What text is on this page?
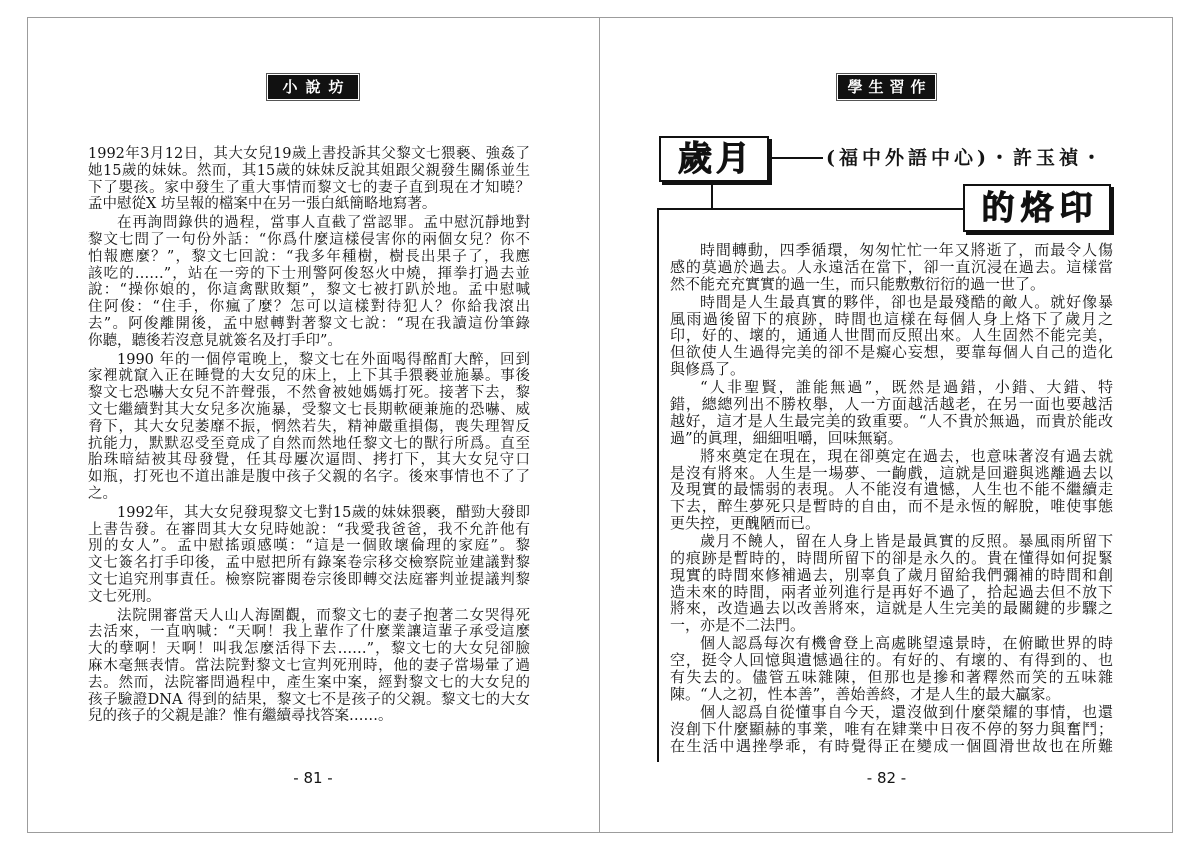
小說坊
1992年3月12日，其大女兒19歲上書投訴其父黎文七猥褻、強姦了
她15歲的妹妹。然而，其15歲的妹妹反說其姐跟父親發生關係並生
下了嬰孩。家中發生了重大事情而黎文七的妻子直到現在才知曉？
孟中慰從X 坊呈報的檔案中在另一張白紙簡略地寫著。
在再詢問錄供的過程，當事人直截了當認罪。孟中慰沉靜地對
黎文七問了一句份外話：“你爲什麼這樣侵害你的兩個女兒？你不
怕報應麼？”，黎文七回說：“我多年種樹，樹長出果子了，我應
該吃的……”，站在一旁的下士刑警阿俊怒火中燒，揮拳打過去並
說：“操你娘的，你這禽獸敗類”，黎文七被打趴於地。孟中慰喊
住阿俊：“住手，你瘋了麼？怎可以這樣對待犯人？你給我滾出
去”。阿俊離開後，孟中慰轉對著黎文七說：“現在我讀這份筆錄
你聽，聽後若沒意見就簽名及打手印”。
1990 年的一個停電晚上，黎文七在外面喝得酩酊大醉，回到
家裡就竄入正在睡覺的大女兒的床上，上下其手猥褻並施暴。事後
黎文七恐嚇大女兒不許聲張，不然會被她媽媽打死。接著下去，黎
文七繼續對其大女兒多次施暴，受黎文七長期軟硬兼施的恐嚇、威
脅下，其大女兒萎靡不振，惘然若失，精神嚴重損傷，喪失理智反
抗能力，默默忍受至竟成了自然而然地任黎文七的獸行所爲。直至
胎珠暗結被其母發覺，任其母屢次逼問、拷打下，其大女兒守口
如瓶，打死也不道出誰是腹中孩子父親的名字。後來事情也不了了
之。
1992年，其大女兒發現黎文七對15歲的妹妹猥褻，醋勁大發即
上書告發。在審問其大女兒時她說：“我愛我爸爸，我不允許他有
別的女人”。孟中慰搖頭感嘆：“這是一個敗壞倫理的家庭”。黎
文七簽名打手印後，孟中慰把所有錄案卷宗移交檢察院並建議對黎
文七追究刑事責任。檢察院審閱卷宗後即轉交法庭審判並提議判黎
文七死刑。
法院開審當天人山人海圍觀，而黎文七的妻子抱著二女哭得死
去活來，一直吶喊：“天啊！我上輩作了什麼業讓這輩子承受這麼
大的孽啊！天啊！叫我怎麼活得下去……”，黎文七的大女兒卻臉
麻木毫無表情。當法院對黎文七宣判死刑時，他的妻子當場暈了過
去。然而，法院審問過程中，產生案中案，經對黎文七的大女兒的
孩子驗證DNA 得到的結果，黎文七不是孩子的父親。黎文七的大女
兒的孩子的父親是誰？惟有繼續尋找答案……。
- 81 -
學生習作
歲月	(福中外語中心)・許玉禎・
的烙印
時間轉動，四季循環，匆匆忙忙一年又將逝了，而最令人傷
感的莫過於過去。人永遠活在當下，卻一直沉浸在過去。這樣當
然不能充充實實的過一生，而只能敷敷衍衍的過一世了。
時間是人生最真實的夥伴，卻也是最殘酷的敵人。就好像暴
風雨過後留下的痕跡，時間也這樣在每個人身上烙下了歲月之
印，好的、壞的，通通人世間而反照出來。人生固然不能完美，
但欲使人生過得完美的卻不是癡心妄想，要靠每個人自己的造化
與修爲了。
“人非聖賢，誰能無過”，既然是過錯，小錯、大錯、特
錯，總總列出不勝枚舉，人一方面越活越老，在另一面也要越活
越好，這才是人生最完美的致重要。“人不貴於無過，而貴於能改
過”的眞理，細細咀嚼，回味無窮。
將來奠定在現在，現在卻奠定在過去，也意味著沒有過去就
是沒有將來。人生是一場夢、一齣戲，這就是回避與逃離過去以
及現實的最懦弱的表現。人不能沒有遺憾，人生也不能不繼續走
下去，醉生夢死只是暫時的自由，而不是永恆的解脫，唯使事態
更失控，更醜陋而已。
歲月不饒人，留在人身上皆是最眞實的反照。暴風雨所留下
的痕跡是暫時的，時間所留下的卻是永久的。貴在懂得如何捉緊
現實的時間來修補過去，別辜負了歲月留給我們彌補的時間和創
造未來的時間，兩者並列進行是再好不過了，拾起過去但不放下
將來，改造過去以改善將來，這就是人生完美的最關鍵的步驟之
一，亦是不二法門。
個人認爲每次有機會登上高處眺望遠景時，在俯瞰世界的時
空，挺令人回憶與遺憾過往的。有好的、有壞的、有得到的、也
有失去的。儘管五味雜陳，但那也是摻和著釋然而笑的五味雜
陳。“人之初，性本善”，善始善終，才是人生的最大贏家。
個人認爲自從懂事自今天，還沒做到什麼榮耀的事情，也還
沒創下什麼顯赫的事業，唯有在肄業中日夜不停的努力與奮鬥；
在生活中遇挫學乖，有時覺得正在變成一個圓滑世故也在所難
- 82 -
